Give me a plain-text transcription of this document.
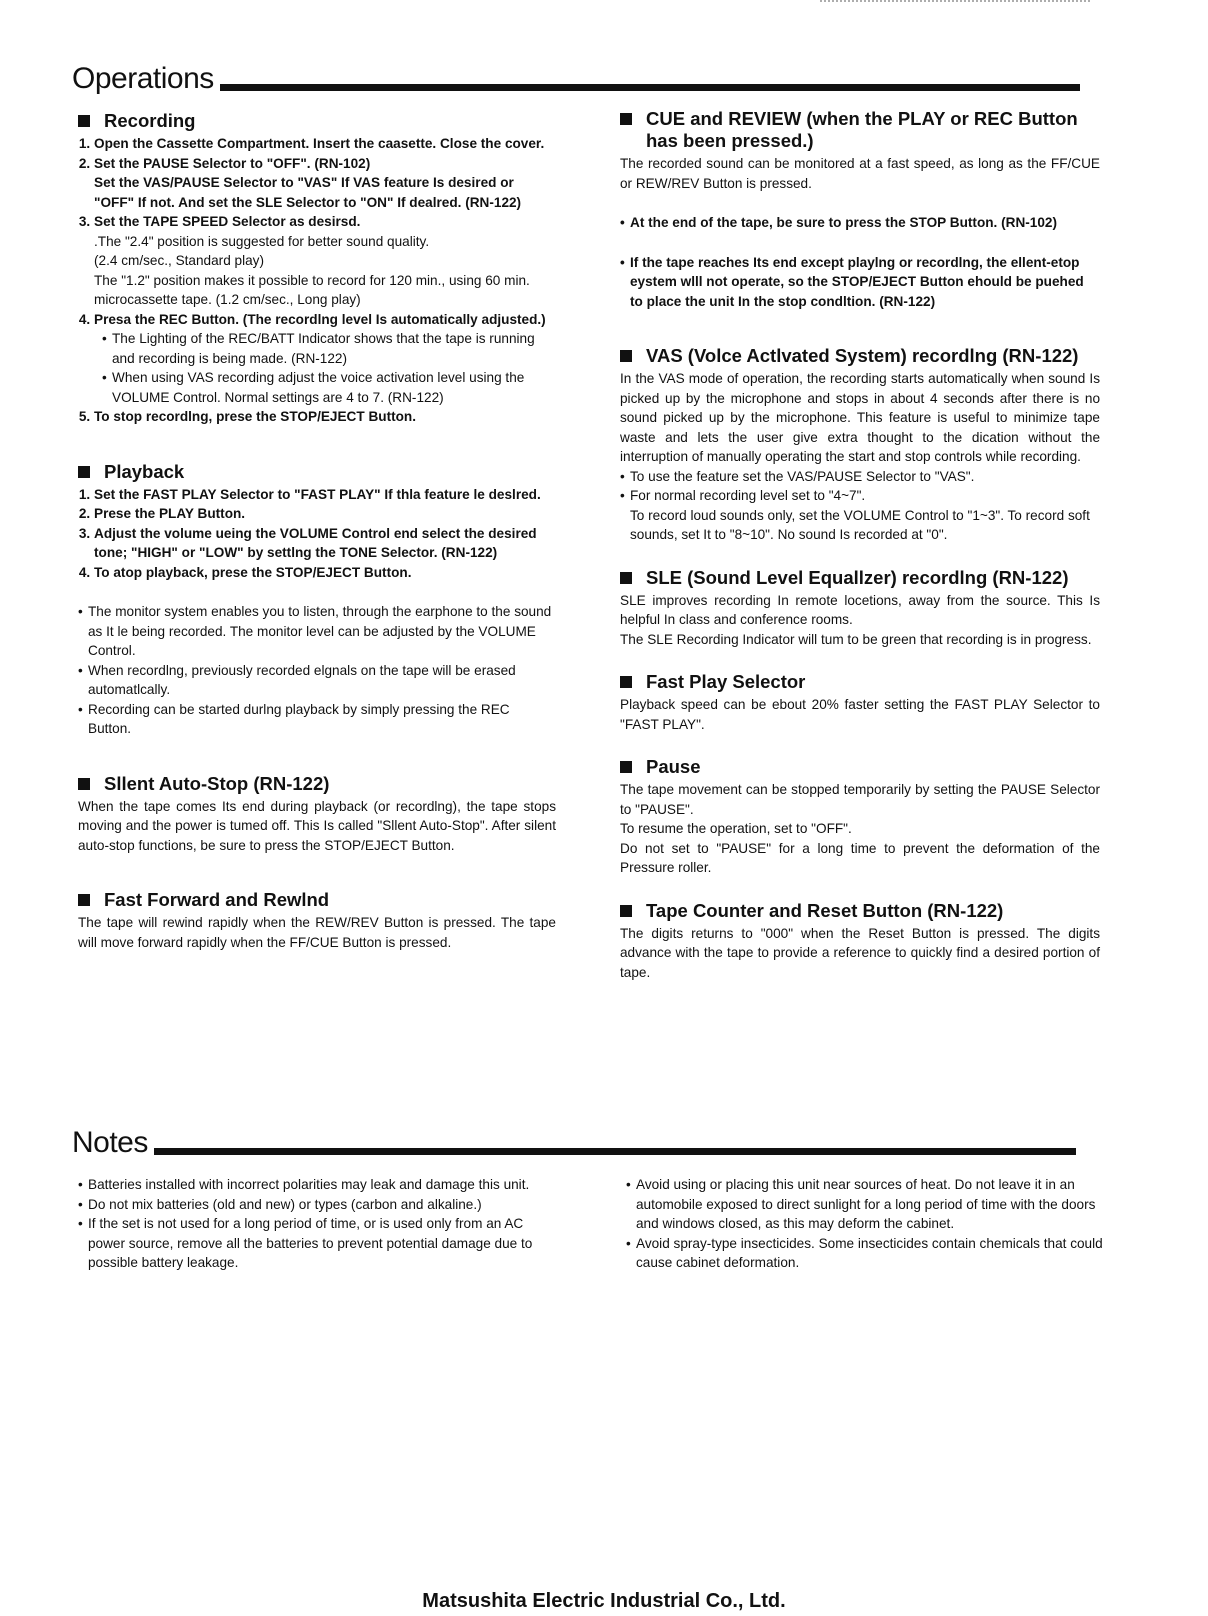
Operations
Recording
1. Open the Cassette Compartment. Insert the caasette. Close the cover.
2. Set the PAUSE Selector to "OFF". (RN-102)
Set the VAS/PAUSE Selector to "VAS" If VAS feature Is desired or "OFF" If not. And set the SLE Selector to "ON" If dealred. (RN-122)
3. Set the TAPE SPEED Selector as desirsd.
.The "2.4" position is suggested for better sound quality.
(2.4 cm/sec., Standard play)
The "1.2" position makes it possible to record for 120 min., using 60 min. microcassette tape. (1.2 cm/sec., Long play)
4. Presa the REC Button. (The recordlng level Is automatically adjusted.)
• The Lighting of the REC/BATT Indicator shows that the tape is running and recording is being made. (RN-122)
• When using VAS recording adjust the voice activation level using the VOLUME Control. Normal settings are 4 to 7. (RN-122)
5. To stop recordlng, prese the STOP/EJECT Button.
Playback
1. Set the FAST PLAY Selector to "FAST PLAY" If thla feature le deslred.
2. Prese the PLAY Button.
3. Adjust the volume ueing the VOLUME Control end select the desired tone; "HIGH" or "LOW" by settlng the TONE Selector. (RN-122)
4. To atop playback, prese the STOP/EJECT Button.
• The monitor system enables you to listen, through the earphone to the sound as It le being recorded. The monitor level can be adjusted by the VOLUME Control.
• When recordlng, previously recorded elgnals on the tape will be erased automatlcally.
• Recording can be started durlng playback by simply pressing the REC Button.
Sllent Auto-Stop (RN-122)

When the tape comes Its end during playback (or recordlng), the tape stops moving and the power is tumed off. This Is called "Sllent Auto-Stop". After silent auto-stop functions, be sure to press the STOP/EJECT Button.

Fast Forward and Rewlnd

The tape will rewind rapidly when the REW/REV Button is pressed. The tape will move forward rapidly when the FF/CUE Button is pressed.

CUE and REVIEW (when the PLAY or REC Button has been pressed.)

The recorded sound can be monitored at a fast speed, as long as the FF/CUE or REW/REV Button is pressed.

• At the end of the tape, be sure to press the STOP Button. (RN-102)
• If the tape reaches Its end except playlng or recordlng, the ellent-etop eystem wlll not operate, so the STOP/EJECT Button ehould be puehed to place the unit In the stop condltion. (RN-122)
VAS (Volce Actlvated System) recordlng (RN-122)

In the VAS mode of operation, the recording starts automatically when sound Is picked up by the microphone and stops in about 4 seconds after there is no sound picked up by the microphone. This feature is useful to minimize tape waste and lets the user give extra thought to the dication without the interruption of manually operating the start and stop controls while recording.

• To use the feature set the VAS/PAUSE Selector to "VAS".
• For normal recording level set to "4~7".
To record loud sounds only, set the VOLUME Control to "1~3". To record soft sounds, set It to "8~10". No sound Is recorded at "0".
SLE (Sound Level Equallzer) recordlng (RN-122)

SLE improves recording In remote locetions, away from the source. This Is helpful In class and conference rooms.

The SLE Recording Indicator will tum to be green that recording is in progress.

Fast Play Selector

Playback speed can be ebout 20% faster setting the FAST PLAY Selector to "FAST PLAY".

Pause

The tape movement can be stopped temporarily by setting the PAUSE Selector to "PAUSE".

To resume the operation, set to "OFF".

Do not set to "PAUSE" for a long time to prevent the deformation of the Pressure roller.

Tape Counter and Reset Button (RN-122)

The digits returns to "000" when the Reset Button is pressed. The digits advance with the tape to provide a reference to quickly find a desired portion of tape.

Notes
• Batteries installed with incorrect polarities may leak and damage this unit.
• Do not mix batteries (old and new) or types (carbon and alkaline.)
• If the set is not used for a long period of time, or is used only from an AC power source, remove all the batteries to prevent potential damage due to possible battery leakage.
• Avoid using or placing this unit near sources of heat. Do not leave it in an automobile exposed to direct sunlight for a long period of time with the doors and windows closed, as this may deform the cabinet.
• Avoid spray-type insecticides. Some insecticides contain chemicals that could cause cabinet deformation.
Matsushita Electric Industrial Co., Ltd.
